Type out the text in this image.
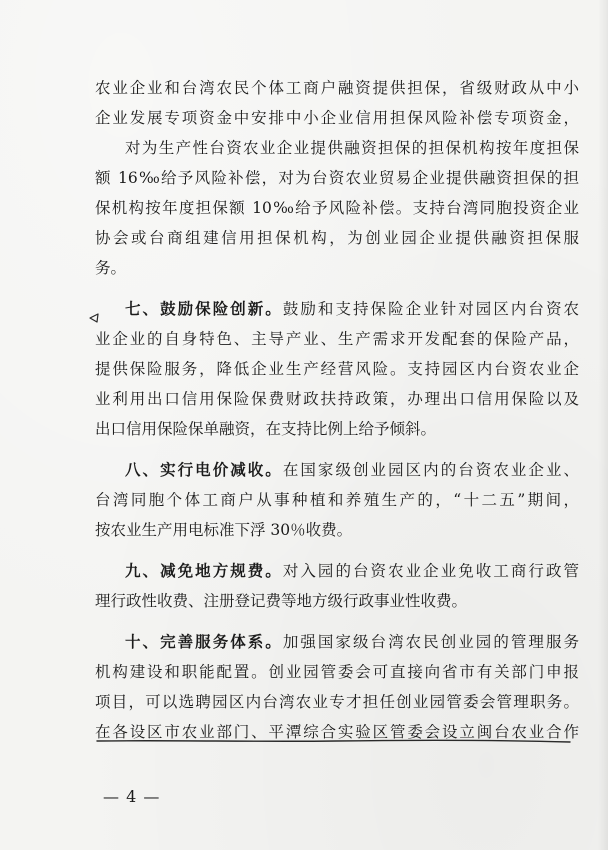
农业企业和台湾农民个体工商户融资提供担保，省级财政从中小
企业发展专项资金中安排中小企业信用担保风险补偿专项资金，
对为生产性台资农业企业提供融资担保的担保机构按年度担保
额 16‰给予风险补偿，对为台资农业贸易企业提供融资担保的担
保机构按年度担保额 10‰给予风险补偿。支持台湾同胞投资企业
协会或台商组建信用担保机构，为创业园企业提供融资担保服
务。
七、鼓励保险创新。鼓励和支持保险企业针对园区内台资农
业企业的自身特色、主导产业、生产需求开发配套的保险产品，
提供保险服务，降低企业生产经营风险。支持园区内台资农业企
业利用出口信用保险保费财政扶持政策，办理出口信用保险以及
出口信用保险保单融资，在支持比例上给予倾斜。
八、实行电价减收。在国家级创业园区内的台资农业企业、
台湾同胞个体工商户从事种植和养殖生产的，“十二五”期间，
按农业生产用电标准下浮 30％收费。
九、减免地方规费。对入园的台资农业企业免收工商行政管
理行政性收费、注册登记费等地方级行政事业性收费。
十、完善服务体系。加强国家级台湾农民创业园的管理服务
机构建设和职能配置。创业园管委会可直接向省市有关部门申报
项目，可以选聘园区内台湾农业专才担任创业园管委会管理职务。
在各设区市农业部门、平潭综合实验区管委会设立闽台农业合作
— 4 —
